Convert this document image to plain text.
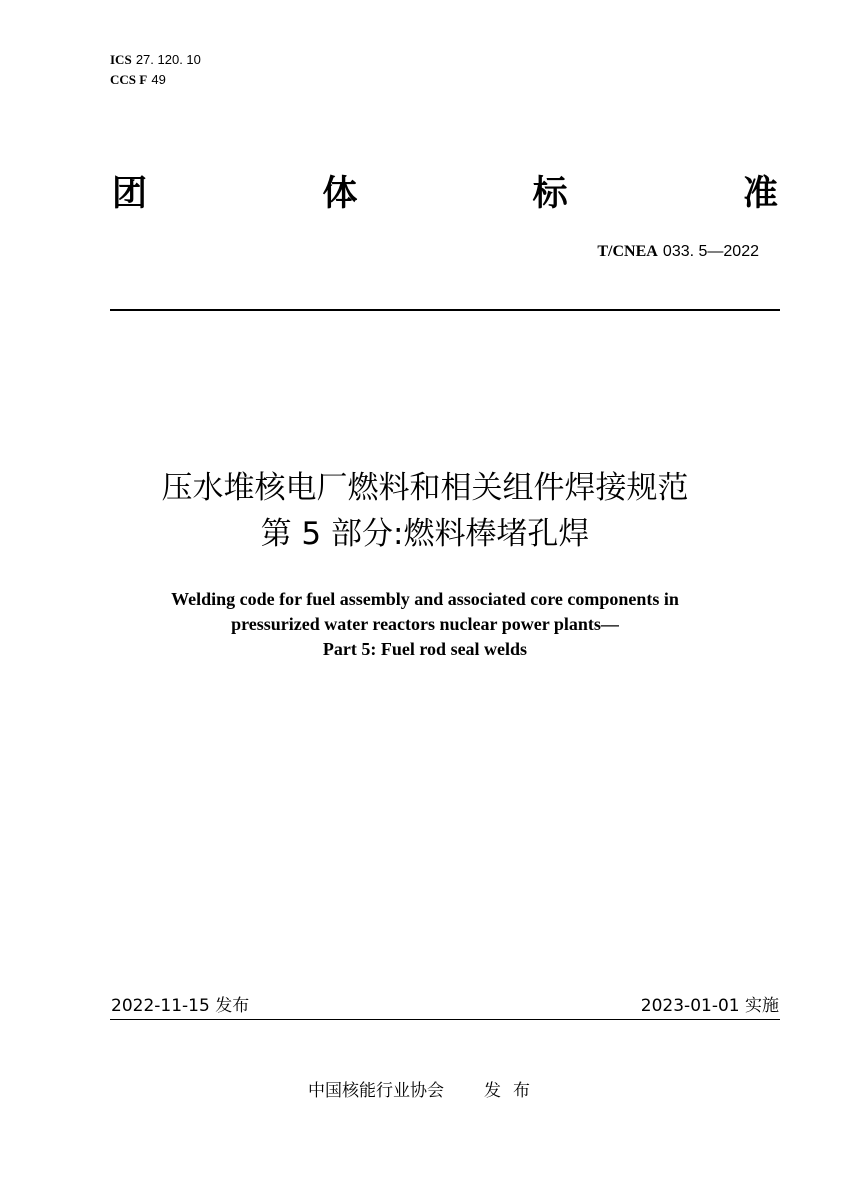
ICS 27. 120. 10
CCS F 49
团	体	标	准
T/CNEA 033. 5—2022
压水堆核电厂燃料和相关组件焊接规范
第 5 部分:燃料棒堵孔焊
Welding code for fuel assembly and associated core components in
pressurized water reactors nuclear power plants—
Part 5: Fuel rod seal welds
2022-11-15 发布	2023-01-01 实施
中国核能行业协会 发布
